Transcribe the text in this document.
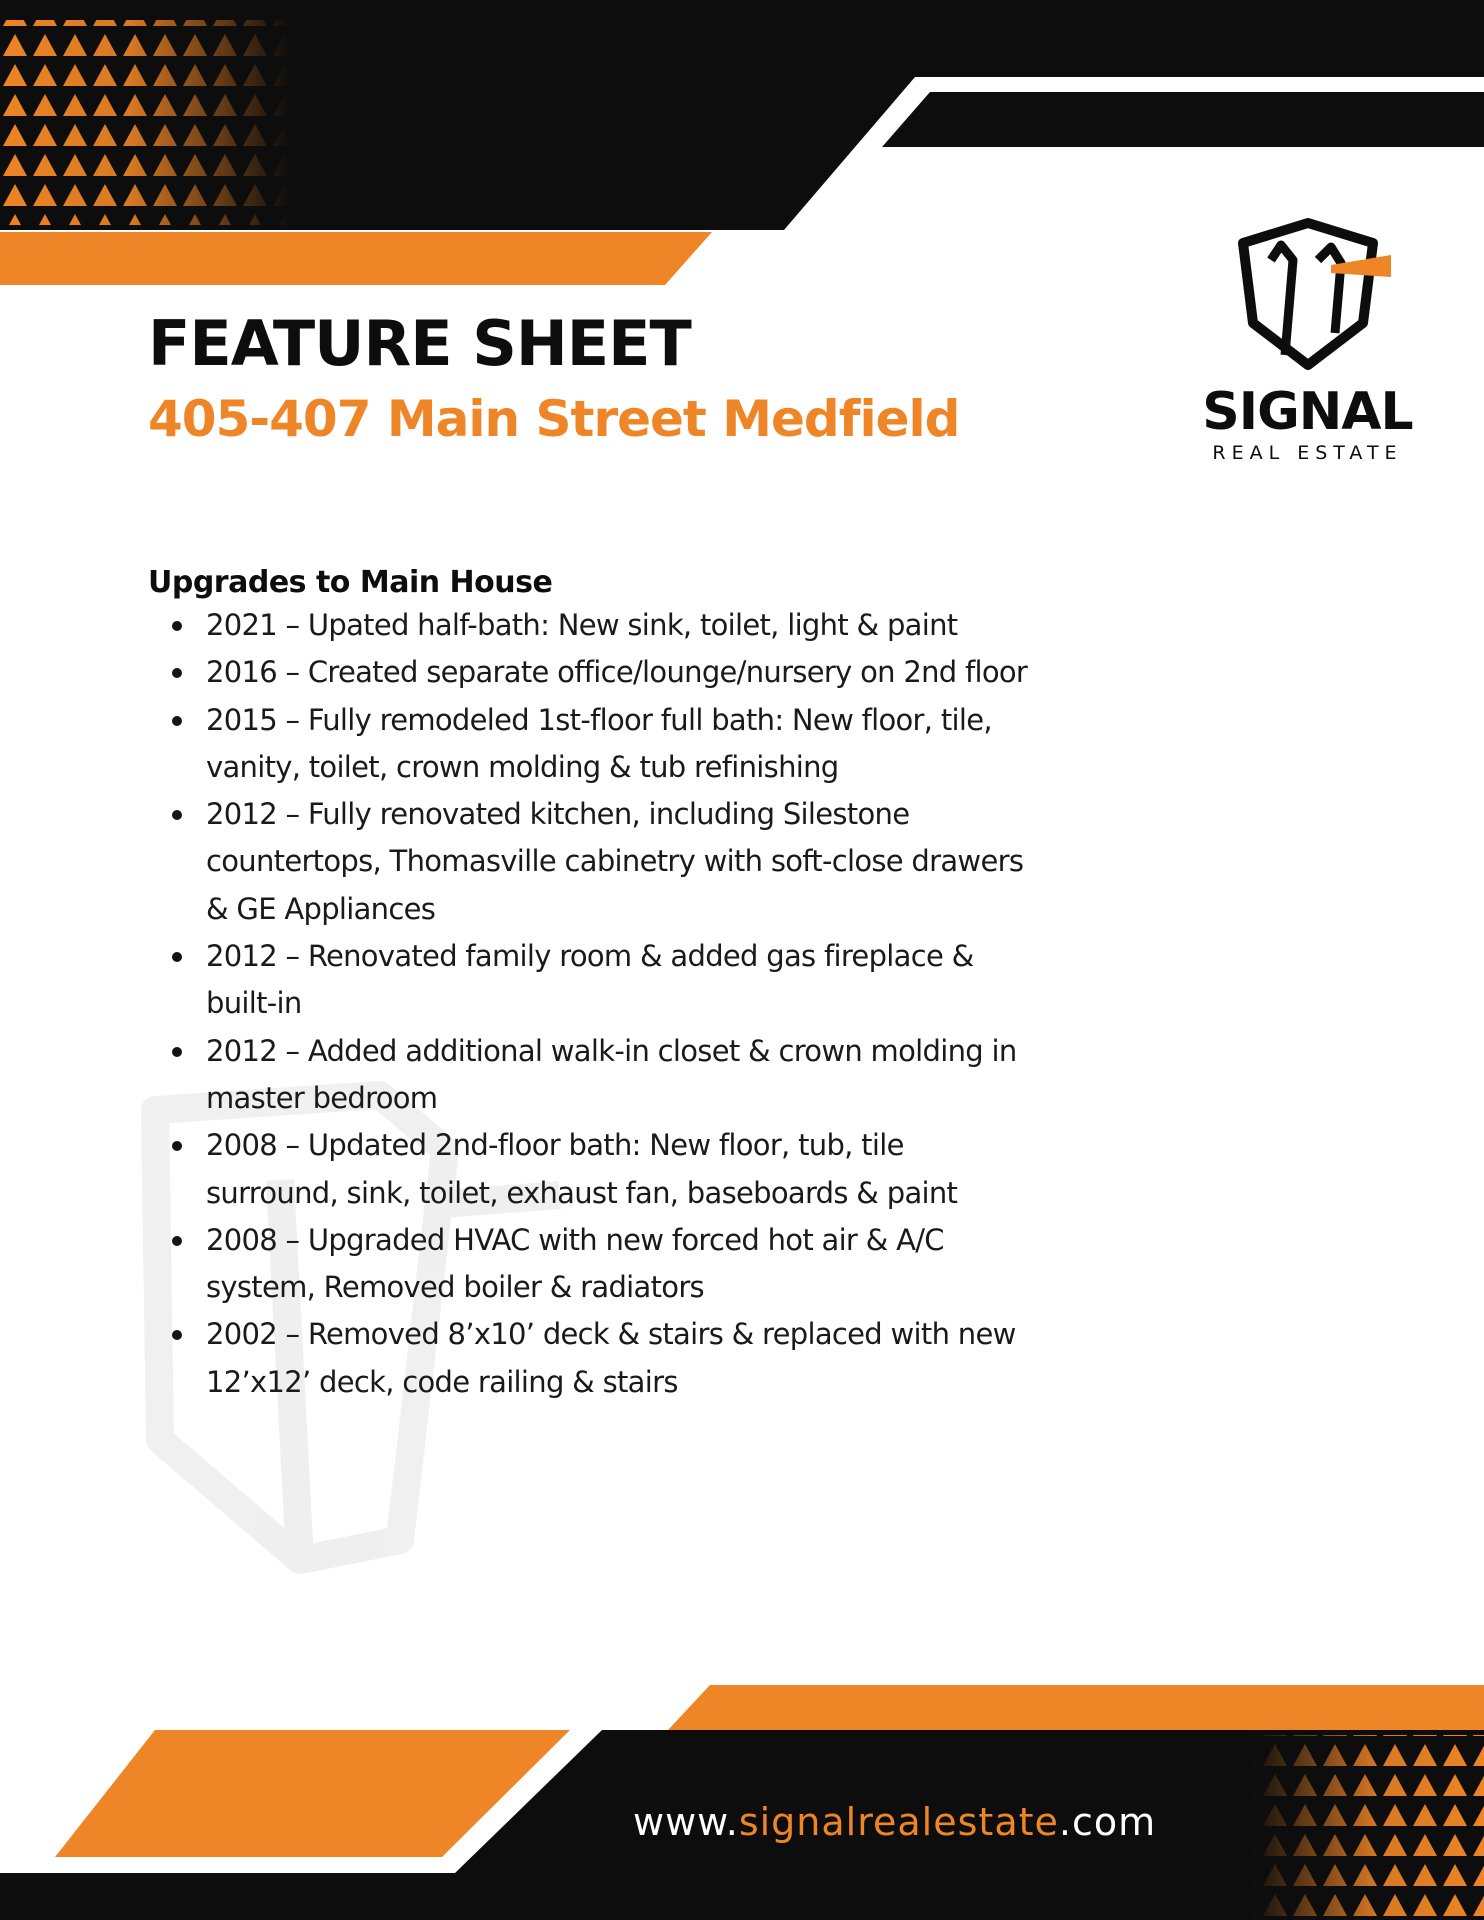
SIGNAL
REAL ESTATE
FEATURE SHEET
405-407 Main Street Medfield
Upgrades to Main House
2021 – Upated half-bath: New sink, toilet, light & paint
2016 – Created separate office/lounge/nursery on 2nd floor
2015 – Fully remodeled 1st-floor full bath: New floor, tile, vanity, toilet, crown molding & tub refinishing
2012 – Fully renovated kitchen, including Silestone countertops, Thomasville cabinetry with soft-close drawers & GE Appliances
2012 – Renovated family room & added gas fireplace & built-in
2012 – Added additional walk-in closet & crown molding in master bedroom
2008 – Updated 2nd-floor bath: New floor, tub, tile surround, sink, toilet, exhaust fan, baseboards & paint
2008 – Upgraded HVAC with new forced hot air & A/C system, Removed boiler & radiators
2002 – Removed 8’x10’ deck & stairs & replaced with new 12’x12’ deck, code railing & stairs

www.signalrealestate.com
